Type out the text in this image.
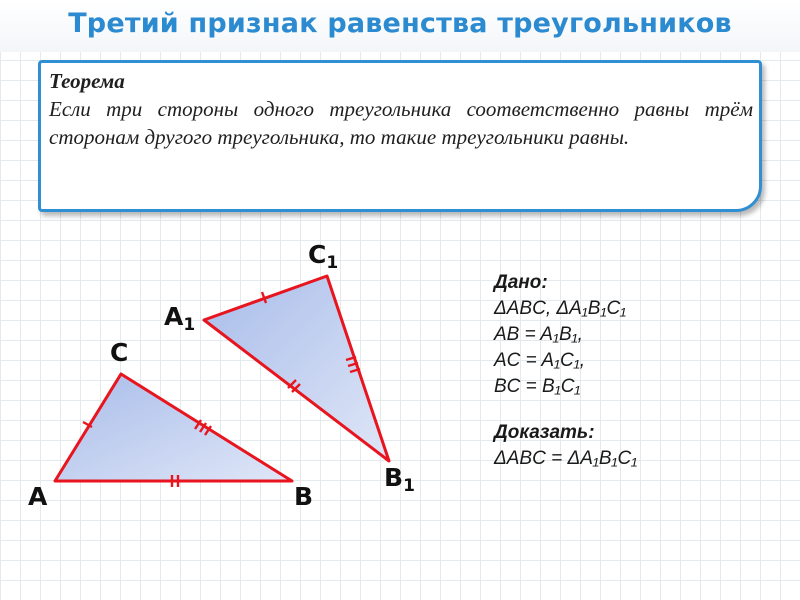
Третий признак равенства треугольников
Теорема
Если три стороны одного треугольника соответственно равны трём сторонам другого треугольника, то такие треугольники равны.
A	B
C
$A_1$
$B_1$
$C_1$
Дано:
ΔABC, ΔA₁B₁C₁
AB = A₁B₁,
AC = A₁C₁,
BC = B₁C₁
Доказать:
ΔABC = ΔA₁B₁C₁
